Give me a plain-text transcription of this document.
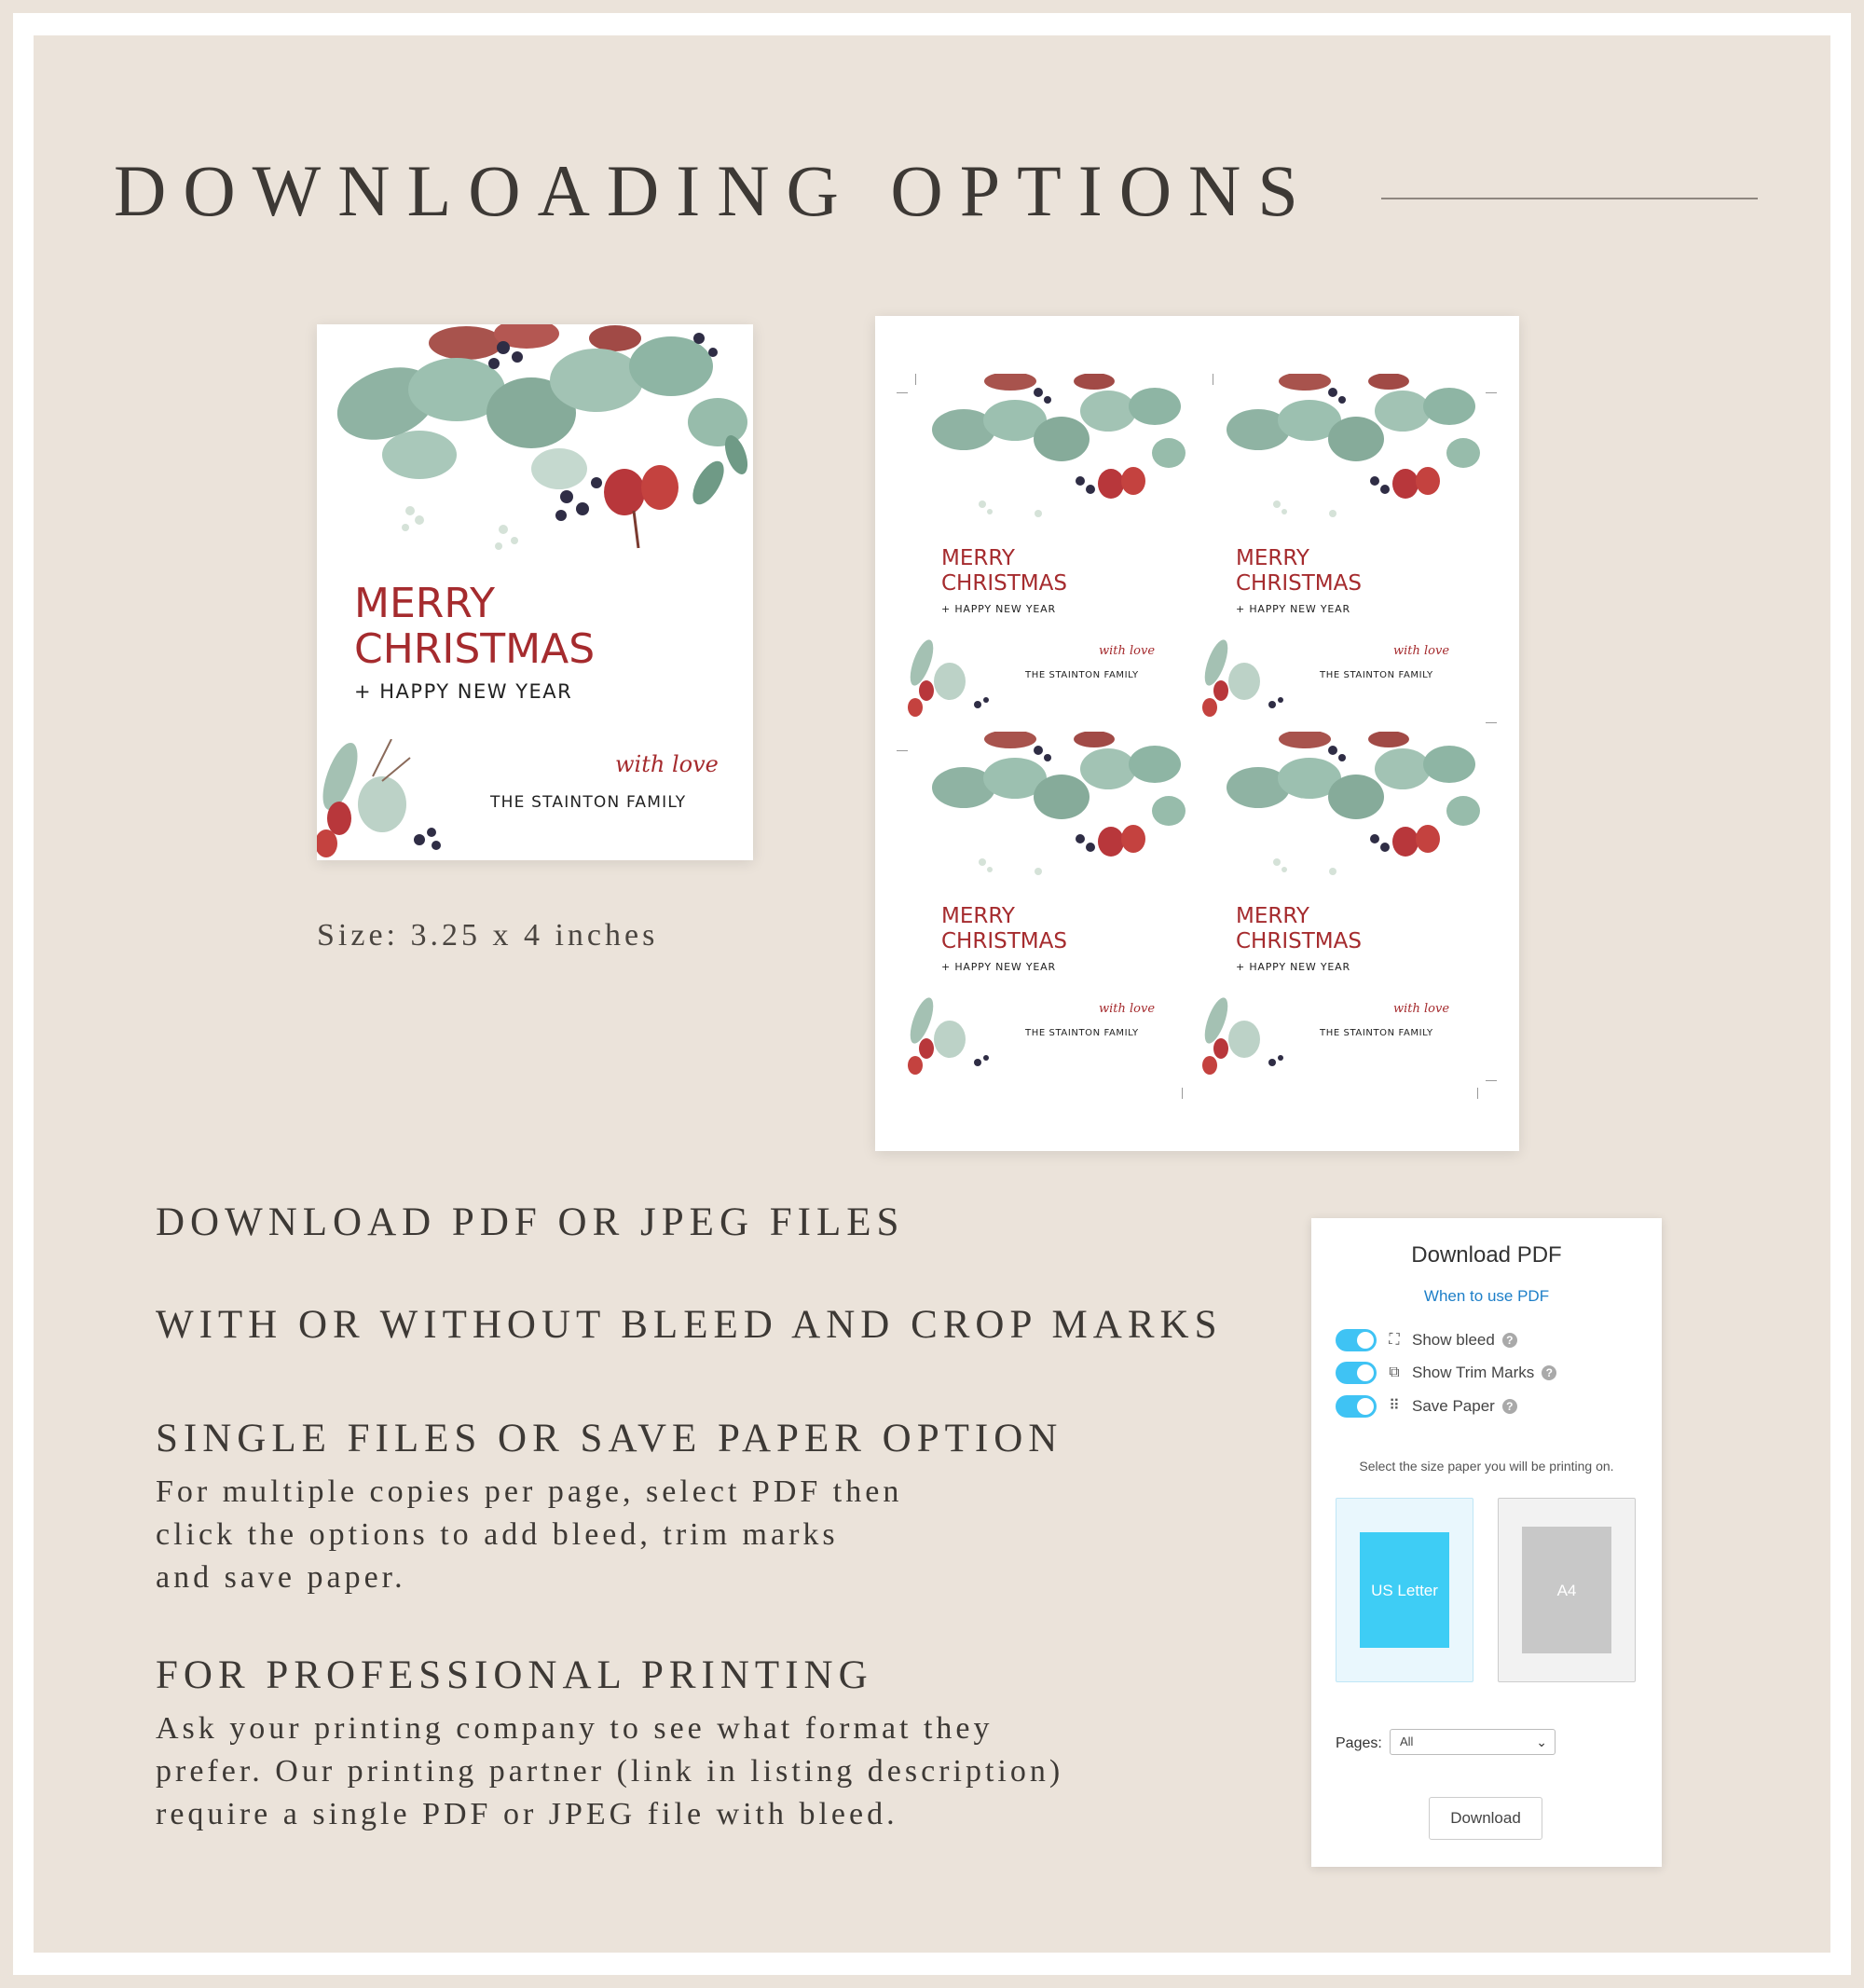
DOWNLOADING OPTIONS
MERRY
CHRISTMAS
+ HAPPY NEW YEAR
with love
THE STAINTON FAMILY
Size: 3.25 x 4 inches
MERRY
CHRISTMAS
+ HAPPY NEW YEAR
with love
THE STAINTON FAMILY
MERRY
CHRISTMAS
+ HAPPY NEW YEAR
with love
THE STAINTON FAMILY
MERRY
CHRISTMAS
+ HAPPY NEW YEAR
with love
THE STAINTON FAMILY
MERRY
CHRISTMAS
+ HAPPY NEW YEAR
with love
THE STAINTON FAMILY
DOWNLOAD PDF OR JPEG FILES
WITH OR WITHOUT BLEED AND CROP MARKS
SINGLE FILES OR SAVE PAPER OPTION
For multiple copies per page, select PDF then
click the options to add bleed, trim marks
and save paper.
FOR PROFESSIONAL PRINTING
Ask your printing company to see what format they
prefer. Our printing partner (link in listing description)
require a single PDF or JPEG file with bleed.
Download PDF
When to use PDF
⛶ Show bleed	?
⧉ Show Trim Marks	?
⠿ Save Paper	?
Select the size paper you will be printing on.
US Letter	A4
Pages:	All	⌄
Download
